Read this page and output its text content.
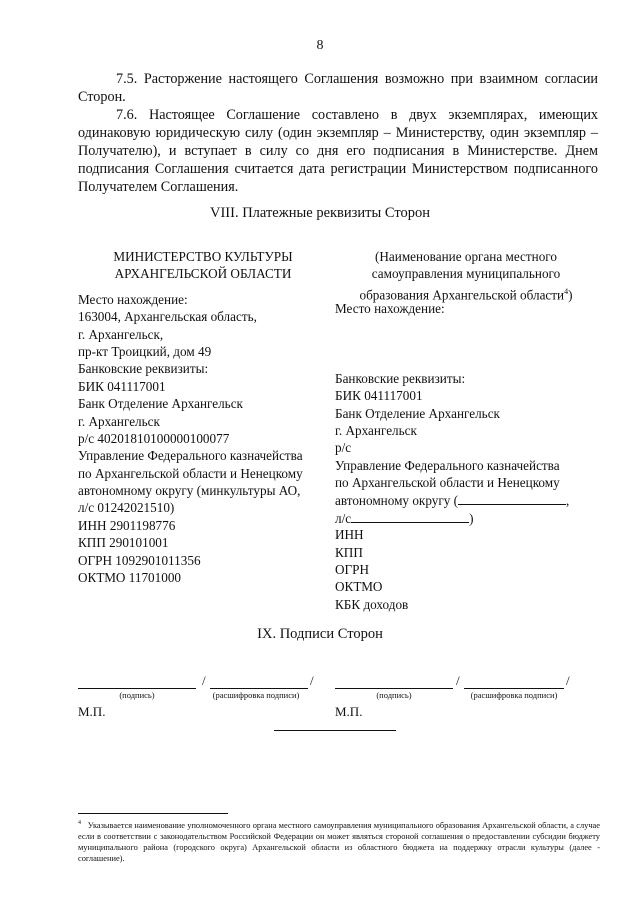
8
7.5. Расторжение настоящего Соглашения возможно при взаимном согласии Сторон.
7.6. Настоящее Соглашение составлено в двух экземплярах, имеющих одинаковую юридическую силу (один экземпляр – Министерству, один экземпляр – Получателю), и вступает в силу со дня его подписания в Министерстве. Днем подписания Соглашения считается дата регистрации Министерством подписанного Получателем Соглашения.
VIII. Платежные реквизиты Сторон
МИНИСТЕРСТВО КУЛЬТУРЫ
АРХАНГЕЛЬСКОЙ ОБЛАСТИ
Место нахождение:
163004, Архангельская область,
г. Архангельск,
пр-кт Троицкий, дом 49
Банковские реквизиты:
БИК 041117001
Банк Отделение Архангельск
г. Архангельск
р/с 40201810100000100077
Управление Федерального казначейства
по Архангельской области и Ненецкому
автономному округу (минкультуры АО,
л/с 01242021510)
ИНН 2901198776
КПП 290101001
ОГРН 1092901011356
ОКТМО 11701000
(Наименование органа местного
самоуправления муниципального
образования Архангельской области$^4$)
Место нахождение:
Банковские реквизиты:
БИК 041117001
Банк Отделение Архангельск
г. Архангельск
р/с
Управление Федерального казначейства
по Архангельской области и Ненецкому
автономному округу (	,
л/с	)
ИНН
КПП
ОГРН
ОКТМО
КБК доходов
IX. Подписи Сторон
/	/
(подпись)	(расшифровка подписи)
М.П.
/	/
(подпись)	(расшифровка подписи)
М.П.
$^4$ Указывается наименование уполномоченного органа местного самоуправления муниципального образования Архангельской области, а случае если в соответствии с законодательством Российской Федерации он может являться стороной соглашения о предоставлении субсидии бюджету муниципального района (городского округа) Архангельской области из областного бюджета на поддержку отрасли культуры (далее - соглашение).
